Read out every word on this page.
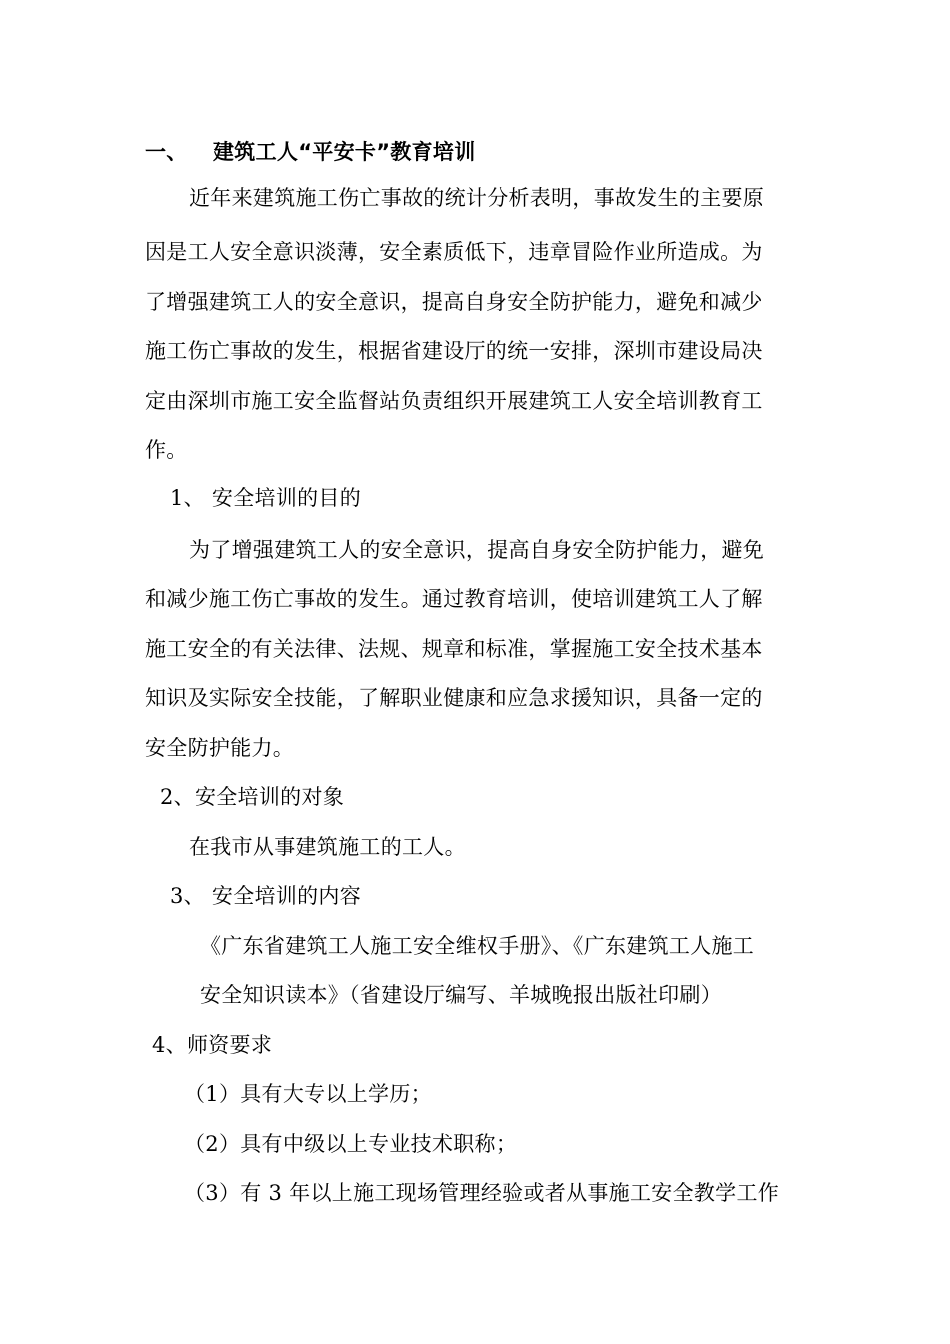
一、 建筑工人“平安卡”教育培训
近年来建筑施工伤亡事故的统计分析表明，事故发生的主要原
因是工人安全意识淡薄，安全素质低下，违章冒险作业所造成。为
了增强建筑工人的安全意识，提高自身安全防护能力，避免和减少
施工伤亡事故的发生，根据省建设厅的统一安排，深圳市建设局决
定由深圳市施工安全监督站负责组织开展建筑工人安全培训教育工
作。
1、 安全培训的目的
为了增强建筑工人的安全意识，提高自身安全防护能力，避免
和减少施工伤亡事故的发生。通过教育培训，使培训建筑工人了解
施工安全的有关法律、法规、规章和标准，掌握施工安全技术基本
知识及实际安全技能，了解职业健康和应急求援知识，具备一定的
安全防护能力。
2、安全培训的对象
在我市从事建筑施工的工人。
3、 安全培训的内容
《广东省建筑工人施工安全维权手册》、《广东建筑工人施工
安全知识读本》（省建设厅编写、羊城晚报出版社印刷）
4、师资要求
（1）具有大专以上学历；
（2）具有中级以上专业技术职称；
（3）有 3 年以上施工现场管理经验或者从事施工安全教学工作
